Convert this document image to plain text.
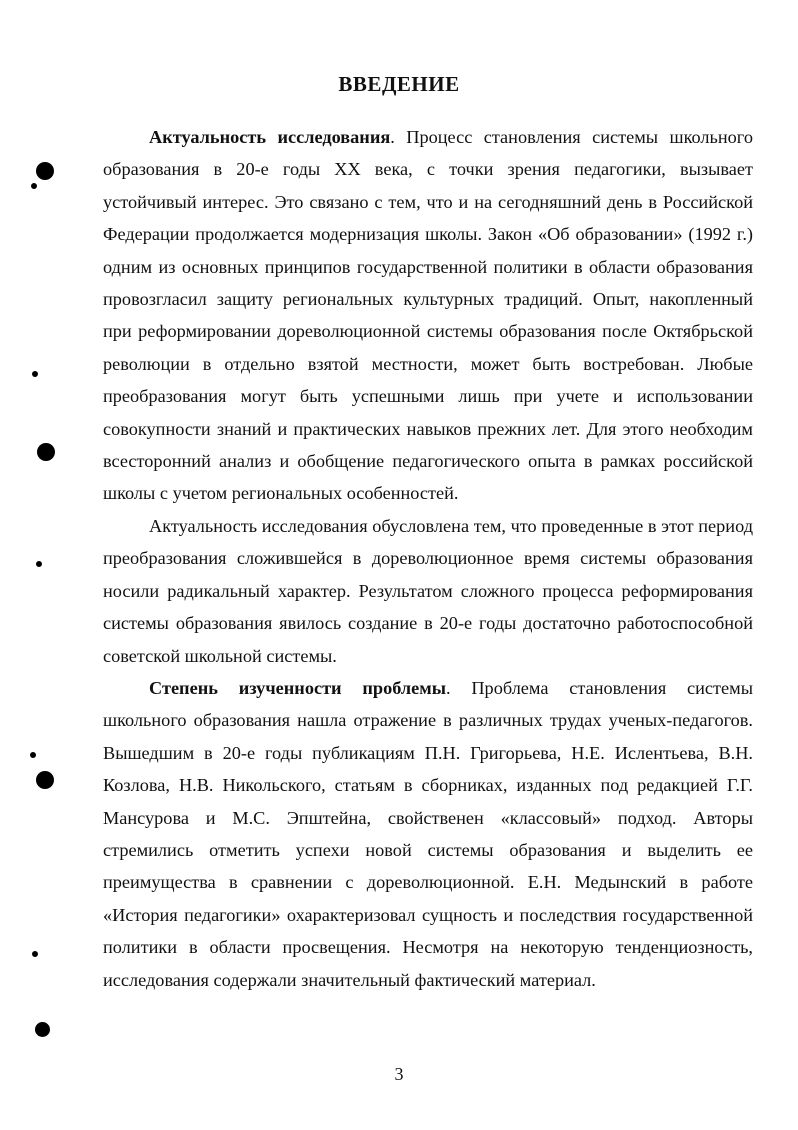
ВВЕДЕНИЕ

Актуальность исследования. Процесс становления системы школьного образования в 20-е годы XX века, с точки зрения педагогики, вызывает устойчивый интерес. Это связано с тем, что и на сегодняшний день в Российской Федерации продолжается модернизация школы. Закон «Об образовании» (1992 г.) одним из основных принципов государственной политики в области образования провозгласил защиту региональных культурных традиций. Опыт, накопленный при реформировании дореволюционной системы образования после Октябрьской революции в отдельно взятой местности, может быть востребован. Любые преобразования могут быть успешными лишь при учете и использовании совокупности знаний и практических навыков прежних лет. Для этого необходим всесторонний анализ и обобщение педагогического опыта в рамках российской школы с учетом региональных особенностей.

Актуальность исследования обусловлена тем, что проведенные в этот период преобразования сложившейся в дореволюционное время системы образования носили радикальный характер. Результатом сложного процесса реформирования системы образования явилось создание в 20-е годы достаточно работоспособной советской школьной системы.

Степень изученности проблемы. Проблема становления системы школьного образования нашла отражение в различных трудах ученых-педагогов. Вышедшим в 20-е годы публикациям П.Н. Григорьева, Н.Е. Ислентьева, В.Н. Козлова, Н.В. Никольского, статьям в сборниках, изданных под редакцией Г.Г. Мансурова и М.С. Эпштейна, свойственен «классовый» подход. Авторы стремились отметить успехи новой системы образования и выделить ее преимущества в сравнении с дореволюционной. Е.Н. Медынский в работе «История педагогики» охарактеризовал сущность и последствия государственной политики в области просвещения. Несмотря на некоторую тенденциозность, исследования содержали значительный фактический материал.

3
